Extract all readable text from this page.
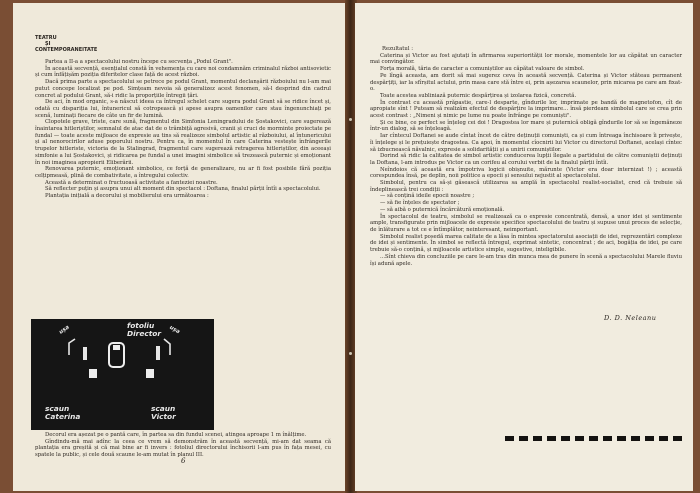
TEATRU
ȘI
CONTEMPORANEITATE

Partea a II-a a spectacolului nostru începe cu secvența „Podul Grant".

În această secvență, esențialul constă în vehemența cu care noi condamnăm criminalul război antisovietic și cum înfățișăm poziția diferitelor clase față de acest război.

Dacă prima parte a spectacolului se petrece pe podul Grant, momentul declanșării războiului nu l-am mai putut concepe localizat pe pod. Simțeam nevoia să generalizez acest fenomen, să-l desprind din cadrul concret al podului Grant, să-i ridic la proporțiile întregii țări.

De aci, în mod organic, s-a născut ideea ca întregul schelet care sugera podul Grant să se ridice încet și, odată cu dispariția lui, întunericul să cotropească și apese asupra oamenilor care stau îngenunchiați pe scenă, luminați fiecare de câte un fir de lumină.

Clopotele grave, triste, care sună, fragmentul din Simfonia Leningradului de Șostakovici, care sugerează înaintarea hitleriștilor, semnalul de atac dat de o trâmbiță agresivă, cranii și cruci de morminte proiectate pe fundal — toate aceste mijloace de expresie au tins să realizeze simbolul artistic al războiului, al întunericului și al nenorocirilor aduse poporului nostru. Pentru ca, în momentul în care Caterina vestește înfrângerile trupelor hitleriste, victoria de la Stalingrad, fragmentul care sugerează retragerea hitleriștilor, din aceeași simfonie a lui Șostakovici, și ridicarea pe fundal a unei imagini simbolice să trezească puternic și emoționant în noi imaginea apropierii Eliberării.

Renovarea puternic, emoționant simbolice, ce forță de generalizare, nu ar fi fost posibile fără poziția celțipmeasă, plină de combativitate, a întregului colectiv.

Această a determinat o fructuoasă activitate a fanteziei noastre.

Să reflecter puțin și asupra unui alt moment din spectacol : Doftana, finalul părții întîi a spectacolului.

Plantația inițială a decorului și mobilierului era următoarea :

ușa	ușa
fotoliu Director
scaun Caterina
scaun Victor

Decorul era așezat pe o pantă care, în partea sa din fundul scenei, atingea aproape 1 m înălțime.

Gîndindu-mă mai adînc la ceea ce vrem să demonstrăm în această secvență, mi-am dat seama că plantația era greșită și că mai bine ar fi invers : fotoliul directorului închisorii l-am pus în fața mesei, cu spatele la public, și cele două scaune le-am mutat în planul III.

6

Rezultatul :

Caterina și Victor au fost ajutați în afirmarea superiorității lor morale, momentele lor au căpătat un caracter mai convingător.

Forța morală, tăria de caracter a comuniștilor au căpătat valoare de simbol.

Pe lîngă aceasta, am dorit să mai sugerez ceva în această secvență. Caterina și Victor stăteau permanent despărțiți, iar la sfîrșitul actului, prin masa care stă între ei, prin așezarea scaunelor, prin micarea pe care am fixat-o.

Toate acestea subliniază puternic despărțirea și izolarea fizică, concretă.

În contrast cu această prăpastie, care-l desparte, gîndurile lor, imprimate pe bandă de magnetofon, cît de apropiate sînt ! Puteam să realizăm efectul de despărțire la imprimare... însă pierdeam simbolul care se crea prin acest contrast : „Nimeni și nimic pe lume nu poate înfrânge pe comuniști".

Și ce bine, ce perfect se înțeleg cei doi ! Dragostea lor mare și puternică obligă gîndurile lor să se îngemăneze într-un dialog, să se înțeleagă.

Iar cîntecul Doftanei se aude cîntat încet de către deținuții comuniști, ca și cum întreaga închisoare îi privește, îi înțelege și le prețuiește dragostea. Ca apoi, în momentul cîocnirii lui Victor cu directorul Doftanei, același cîntec să izbucnească năvalnic, expresie a solidarității și a unirii comuniștilor.

Dorind să ridic la calitatea de simbol artistic conducerea lupții îlegale a partidului de către comuniștii deținuți la Doftana, l-am introdus pe Victor ca un corifeu al corului verbit de la finalul părții întîi.

Neîndoios că această era împotriva logicii obișnuite, mărunte (Victor era doar internizat !) ; această corespundea însă, pe deplin, noii politice a epocii și sensului nejustit al spectacolului.

Simbolul, pentru ca să-și găsească utilizarea sa amplă în spectacolul realist-socialist, cred că trebuie să îndeplinească trei condiții :

— să conțină ideile epocii noastre ;

— să fie înțeles de spectator ;

— să aibă o puternică încărcătură emoțională.

În spectacolul de teatru, simbolul se realizează ca o expresie concentrată, densă, a unor idei și sentimente ample, transfigurate prin mijloacele de expresie specifice spectacolului de teatru și supuse unui proces de selecție, de înlăturare a tot ce e întîmplător, neinteresant, neimportant.

Simbolul realist posedă marea calitate de a lăsa în mintea spectatorului asociații de idei, reprezentări complexe de idei și sentimente. În simbol se reflectă întregul, exprimat sintetic, concentrat ; de aci, bogăția de idei, pe care trebuie să-o conțină, și mijloacele artistice simple, sugestive, inteligibile.

...Sînt chieva din concluziile pe care le-am tras din munca mea de punere în scenă a spectacolului Marele fluviu își adună apele.

D. D. Neleanu
